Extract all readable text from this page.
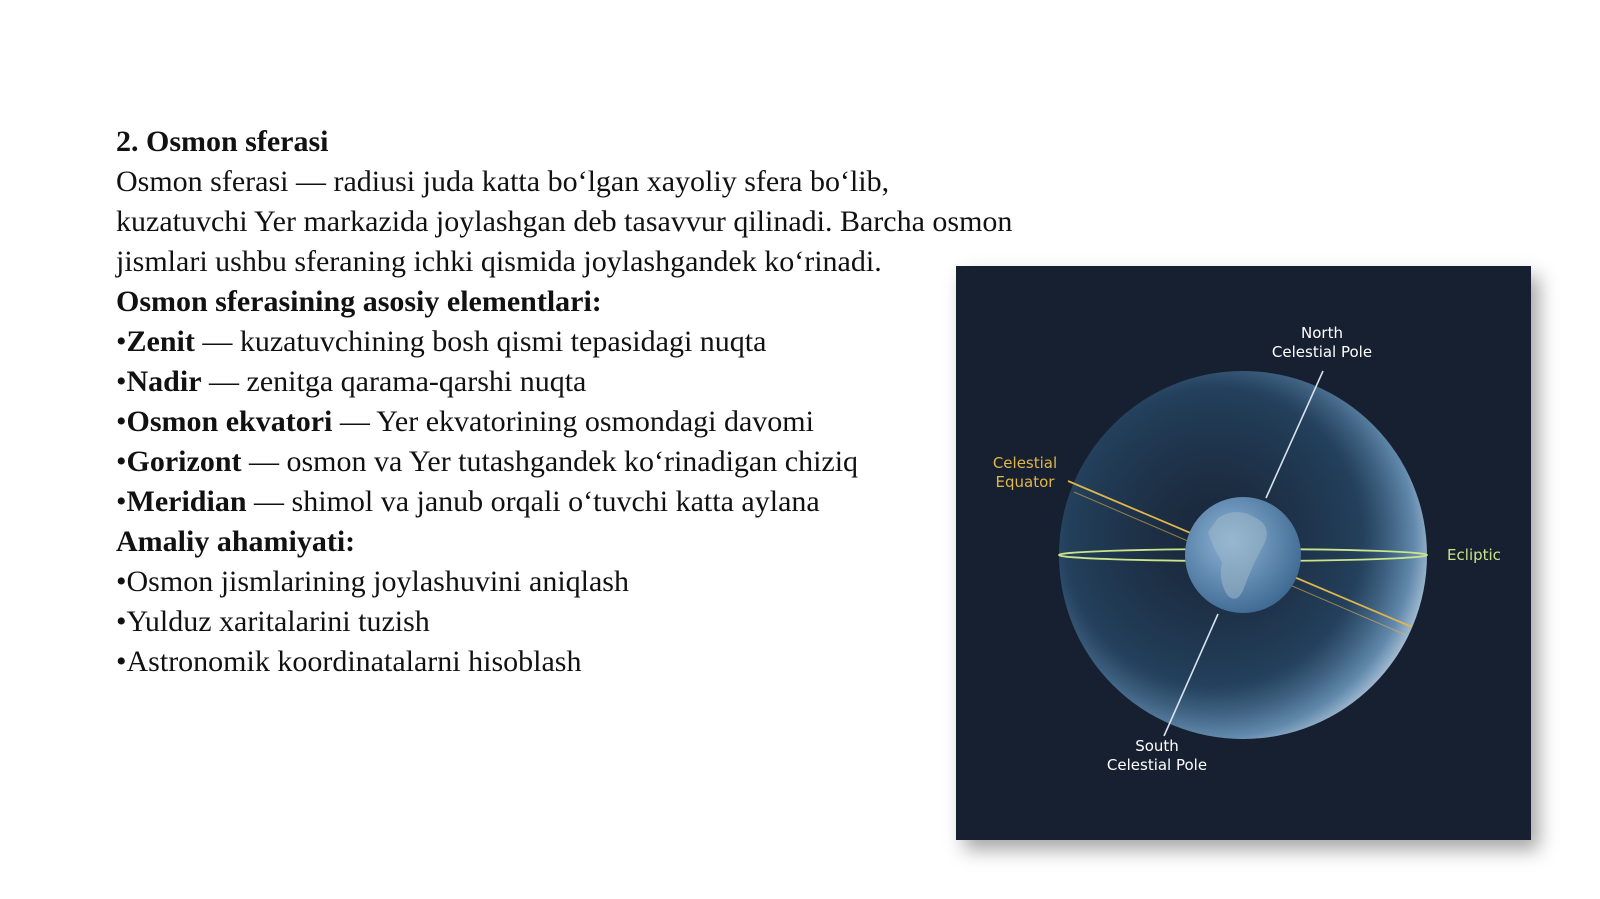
2. Osmon sferasi
Osmon sferasi — radiusi juda katta bo‘lgan xayoliy sfera bo‘lib, kuzatuvchi Yer markazida joylashgan deb tasavvur qilinadi. Barcha osmon jismlari ushbu sferaning ichki qismida joylashgandek ko‘rinadi.
Osmon sferasining asosiy elementlari:
•Zenit — kuzatuvchining bosh qismi tepasidagi nuqta
•Nadir — zenitga qarama-qarshi nuqta
•Osmon ekvatori — Yer ekvatorining osmondagi davomi
•Gorizont — osmon va Yer tutashgandek ko‘rinadigan chiziq
•Meridian — shimol va janub orqali o‘tuvchi katta aylana
Amaliy ahamiyati:
•Osmon jismlarining joylashuvini aniqlash
•Yulduz xaritalarini tuzish
•Astronomik koordinatalarni hisoblash
North
Celestial Pole
South
Celestial Pole
Celestial
Equator
Ecliptic
